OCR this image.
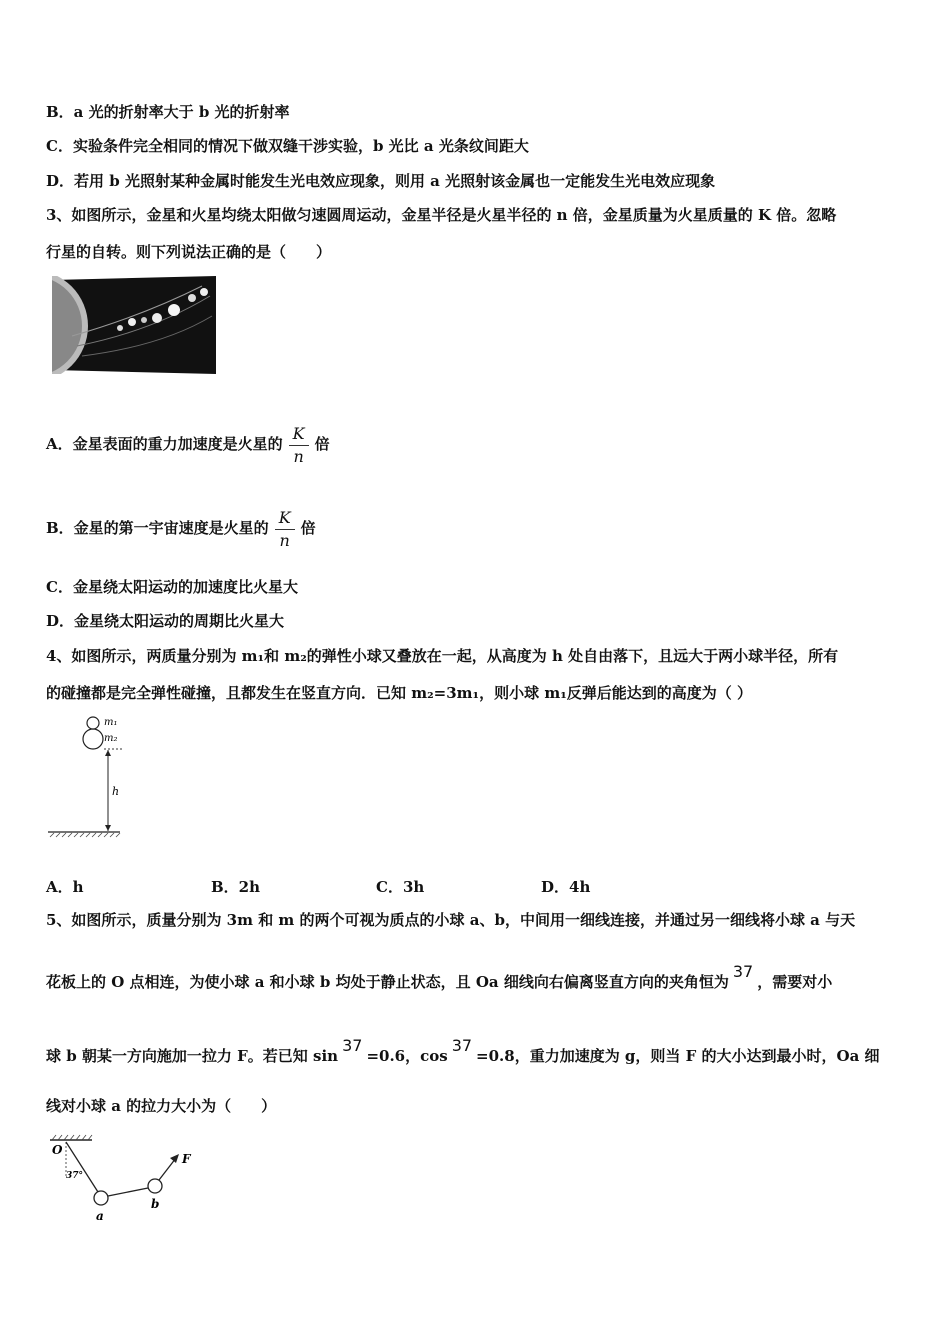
B．a 光的折射率大于 b 光的折射率
C．实验条件完全相同的情况下做双缝干涉实验，b 光比 a 光条纹间距大
D．若用 b 光照射某种金属时能发生光电效应现象，则用 a 光照射该金属也一定能发生光电效应现象
3、如图所示，金星和火星均绕太阳做匀速圆周运动，金星半径是火星半径的 n 倍，金星质量为火星质量的 K 倍。忽略
行星的自转。则下列说法正确的是（　　）
A．金星表面的重力加速度是火星的 $\frac{K}{n}$ 倍
B．金星的第一宇宙速度是火星的 $\frac{K}{n}$ 倍
C．金星绕太阳运动的加速度比火星大
D．金星绕太阳运动的周期比火星大
4、如图所示，两质量分别为 m₁和 m₂的弹性小球又叠放在一起，从高度为 h 处自由落下，且远大于两小球半径，所有
的碰撞都是完全弹性碰撞，且都发生在竖直方向．已知 m₂=3m₁，则小球 m₁反弹后能达到的高度为（ ）
m₁
m₂
h
A．h	B．2h	C．3h	D．4h
5、如图所示，质量分别为 3m 和 m 的两个可视为质点的小球 a、b，中间用一细线连接，并通过另一细线将小球 a 与天
花板上的 O 点相连，为使小球 a 和小球 b 均处于静止状态，且 Oa 细线向右偏离竖直方向的夹角恒为37，需要对小
球 b 朝某一方向施加一拉力 F。若已知 sin37=0.6，cos37=0.8，重力加速度为 g，则当 F 的大小达到最小时，Oa 细
线对小球 a 的拉力大小为（　　）
O
37°
F
a
b
